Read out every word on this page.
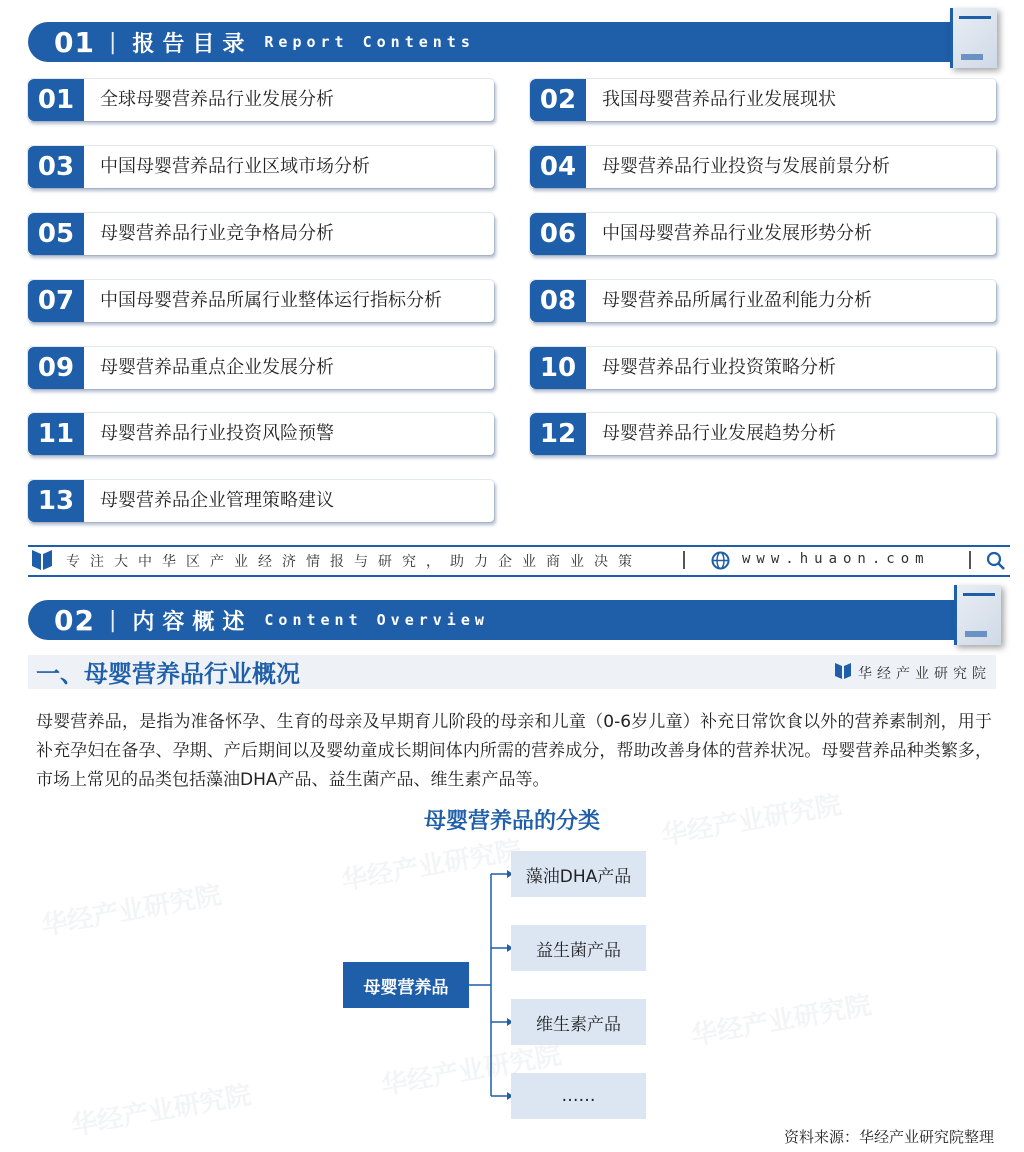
01 | 报告目录 Report Contents
01	全球母婴营养品行业发展分析	02	我国母婴营养品行业发展现状
03	中国母婴营养品行业区域市场分析	04	母婴营养品行业投资与发展前景分析
05	母婴营养品行业竞争格局分析	06	中国母婴营养品行业发展形势分析
07	中国母婴营养品所属行业整体运行指标分析	08	母婴营养品所属行业盈利能力分析
09	母婴营养品重点企业发展分析	10	母婴营养品行业投资策略分析
11	母婴营养品行业投资风险预警	12	母婴营养品行业发展趋势分析
13	母婴营养品企业管理策略建议
专注大中华区产业经济情报与研究，助力企业商业决策	www.huaon.com
02 | 内容概述 Content Overview
一、母婴营养品行业概况	华经产业研究院
母婴营养品，是指为准备怀孕、生育的母亲及早期育儿阶段的母亲和儿童（0-6岁儿童）补充日常饮食以外的营养素制剂，用于补充孕妇在备孕、孕期、产后期间以及婴幼童成长期间体内所需的营养成分，帮助改善身体的营养状况。母婴营养品种类繁多，市场上常见的品类包括藻油DHA产品、益生菌产品、维生素产品等。
华经产业研究院
华经产业研究院
华经产业研究院
华经产业研究院
华经产业研究院
华经产业研究院
母婴营养品的分类
母婴营养品
藻油DHA产品
益生菌产品
维生素产品
……
资料来源：华经产业研究院整理
